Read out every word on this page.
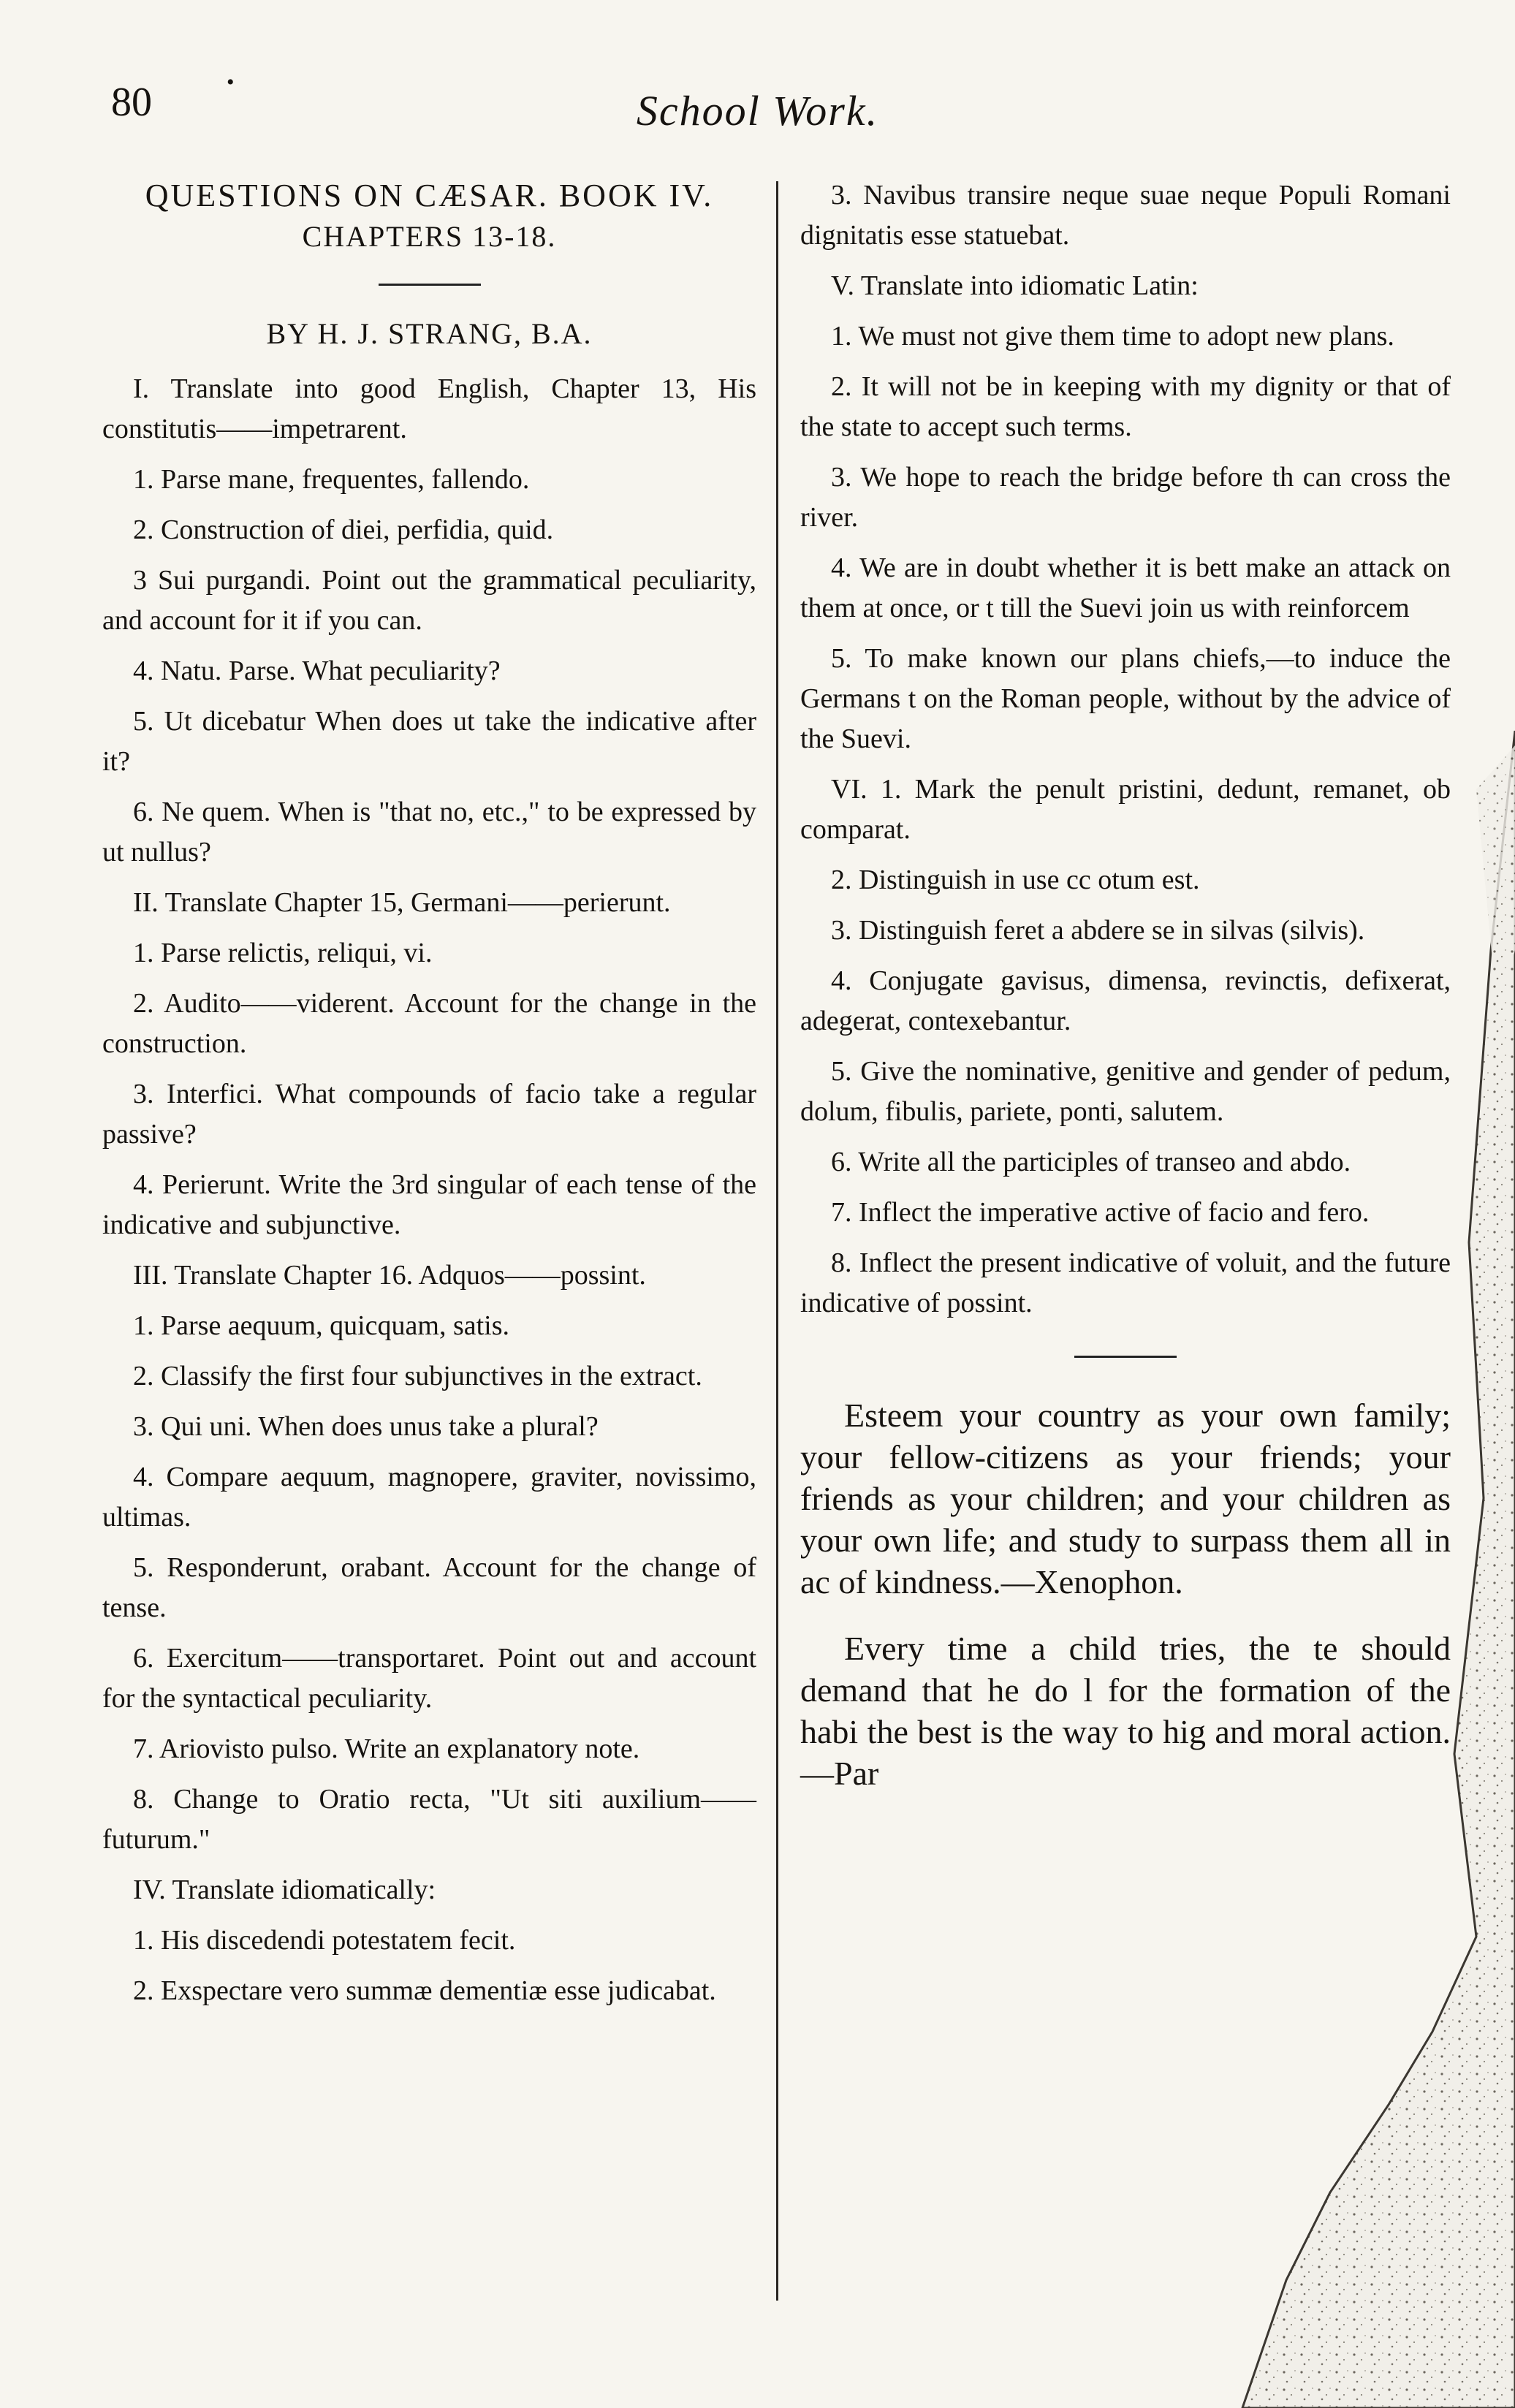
80	•
School Work.
QUESTIONS ON CÆSAR. BOOK IV.
CHAPTERS 13-18.
BY H. J. STRANG, B.A.

I. Translate into good English, Chapter 13, His constitutis——impetrarent.

1. Parse mane, frequentes, fallendo.

2. Construction of diei, perfidia, quid.

3 Sui purgandi. Point out the grammatical peculiarity, and account for it if you can.

4. Natu. Parse. What peculiarity?

5. Ut dicebatur When does ut take the indicative after it?

6. Ne quem. When is "that no, etc.," to be expressed by ut nullus?

II. Translate Chapter 15, Germani——perierunt.

1. Parse relictis, reliqui, vi.

2. Audito——viderent. Account for the change in the construction.

3. Interfici. What compounds of facio take a regular passive?

4. Perierunt. Write the 3rd singular of each tense of the indicative and subjunctive.

III. Translate Chapter 16. Adquos——possint.

1. Parse aequum, quicquam, satis.

2. Classify the first four subjunctives in the extract.

3. Qui uni. When does unus take a plural?

4. Compare aequum, magnopere, graviter, novissimo, ultimas.

5. Responderunt, orabant. Account for the change of tense.

6. Exercitum——transportaret. Point out and account for the syntactical peculiarity.

7. Ariovisto pulso. Write an explanatory note.

8. Change to Oratio recta, "Ut siti auxilium——futurum."

IV. Translate idiomatically:

1. His discedendi potestatem fecit.

2. Exspectare vero summæ dementiæ esse judicabat.

3. Navibus transire neque suae neque Populi Romani dignitatis esse statuebat.

V. Translate into idiomatic Latin:

1. We must not give them time to adopt new plans.

2. It will not be in keeping with my dignity or that of the state to accept such terms.

3. We hope to reach the bridge before th can cross the river.

4. We are in doubt whether it is bett make an attack on them at once, or t till the Suevi join us with reinforcem

5. To make known our plans chiefs,—to induce the Germans t on the Roman people, without by the advice of the Suevi.

VI. 1. Mark the penult pristini, dedunt, remanet, ob comparat.

2. Distinguish in use cc otum est.

3. Distinguish feret a abdere se in silvas (silvis).

4. Conjugate gavisus, dimensa, revinctis, defixerat, adegerat, contexebantur.

5. Give the nominative, genitive and gender of pedum, dolum, fibulis, pariete, ponti, salutem.

6. Write all the participles of transeo and abdo.

7. Inflect the imperative active of facio and fero.

8. Inflect the present indicative of voluit, and the future indicative of possint.

Esteem your country as your own family; your fellow-citizens as your friends; your friends as your children; and your children as your own life; and study to surpass them all in ac of kindness.—Xenophon.

Every time a child tries, the te should demand that he do l for the formation of the habi the best is the way to hig and moral action.—Par
